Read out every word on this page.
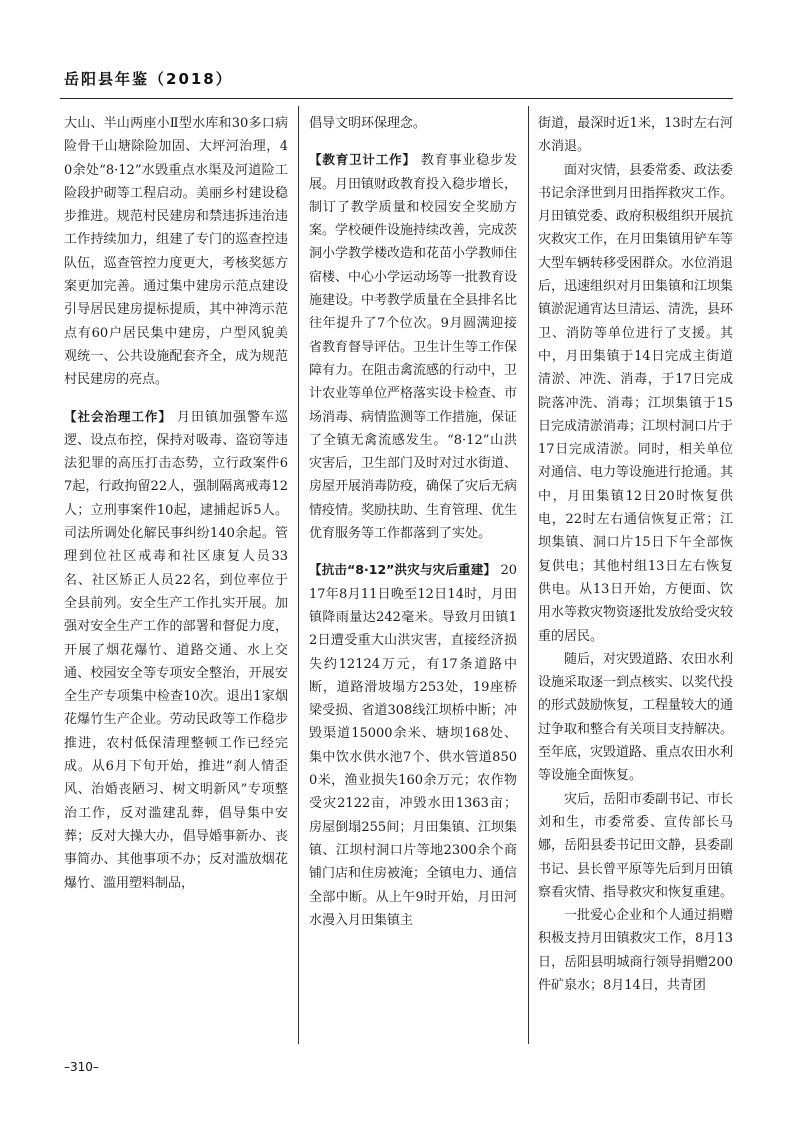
岳阳县年鉴（2018）

大山、半山两座小Ⅱ型水库和30多口病险骨干山塘除险加固、大坪河治理，40余处“8·12”水毁重点水渠及河道险工险段护砌等工程启动。美丽乡村建设稳步推进。规范村民建房和禁违拆违治违工作持续加力，组建了专门的巡查控违队伍，巡查管控力度更大，考核奖惩方案更加完善。通过集中建房示范点建设引导居民建房提标提质，其中神湾示范点有60户居民集中建房，户型风貌美观统一、公共设施配套齐全，成为规范村民建房的亮点。

【社会治理工作】 月田镇加强警车巡逻、设点布控，保持对吸毒、盗窃等违法犯罪的高压打击态势，立行政案件67起，行政拘留22人，强制隔离戒毒12人；立刑事案件10起，逮捕起诉5人。司法所调处化解民事纠纷140余起。管理到位社区戒毒和社区康复人员33名、社区矫正人员22名，到位率位于全县前列。安全生产工作扎实开展。加强对安全生产工作的部署和督促力度，开展了烟花爆竹、道路交通、水上交通、校园安全等专项安全整治，开展安全生产专项集中检查10次。退出1家烟花爆竹生产企业。劳动民政等工作稳步推进，农村低保清理整顿工作已经完成。从6月下旬开始，推进“刹人情歪风、治婚丧陋习、树文明新风”专项整治工作，反对滥建乱葬，倡导集中安葬；反对大操大办，倡导婚事新办、丧事简办、其他事项不办；反对滥放烟花爆竹、滥用塑料制品，

倡导文明环保理念。

【教育卫计工作】 教育事业稳步发展。月田镇财政教育投入稳步增长，制订了教学质量和校园安全奖励方案。学校硬件设施持续改善，完成茨洞小学教学楼改造和花苗小学教师住宿楼、中心小学运动场等一批教育设施建设。中考教学质量在全县排名比往年提升了7个位次。9月圆满迎接省教育督导评估。卫生计生等工作保障有力。在阻击禽流感的行动中，卫计农业等单位严格落实设卡检查、市场消毒、病情监测等工作措施，保证了全镇无禽流感发生。“8·12”山洪灾害后，卫生部门及时对过水街道、房屋开展消毒防疫，确保了灾后无病情疫情。奖励扶助、生育管理、优生优育服务等工作都落到了实处。

【抗击“8·12”洪灾与灾后重建】 2017年8月11日晚至12日14时，月田镇降雨量达242毫米。导致月田镇12日遭受重大山洪灾害，直接经济损失约12124万元，有17条道路中断，道路滑坡塌方253处，19座桥梁受损、省道308线江坝桥中断；冲毁渠道15000余米、塘坝168处、集中饮水供水池7个、供水管道8500米，渔业损失160余万元；农作物受灾2122亩，冲毁水田1363亩；房屋倒塌255间；月田集镇、江坝集镇、江坝村洞口片等地2300余个商铺门店和住房被淹；全镇电力、通信全部中断。从上午9时开始，月田河水漫入月田集镇主

街道，最深时近1米，13时左右河水消退。

面对灾情，县委常委、政法委书记余泽世到月田指挥救灾工作。月田镇党委、政府积极组织开展抗灾救灾工作，在月田集镇用铲车等大型车辆转移受困群众。水位消退后，迅速组织对月田集镇和江坝集镇淤泥通宵达旦清运、清洗，县环卫、消防等单位进行了支援。其中，月田集镇于14日完成主街道清淤、冲洗、消毒，于17日完成院落冲洗、消毒；江坝集镇于15日完成清淤消毒；江坝村洞口片于17日完成清淤。同时，相关单位对通信、电力等设施进行抢通。其中，月田集镇12日20时恢复供电，22时左右通信恢复正常；江坝集镇、洞口片15日下午全部恢复供电；其他村组13日左右恢复供电。从13日开始，方便面、饮用水等救灾物资逐批发放给受灾较重的居民。

随后，对灾毁道路、农田水利设施采取逐一到点核实、以奖代投的形式鼓励恢复，工程量较大的通过争取和整合有关项目支持解决。至年底，灾毁道路、重点农田水利等设施全面恢复。

灾后，岳阳市委副书记、市长刘和生，市委常委、宣传部长马娜，岳阳县委书记田文静，县委副书记、县长曾平原等先后到月田镇察看灾情、指导救灾和恢复重建。

一批爱心企业和个人通过捐赠积极支持月田镇救灾工作，8月13日，岳阳县明城商行领导捐赠200件矿泉水；8月14日，共青团

–310–
